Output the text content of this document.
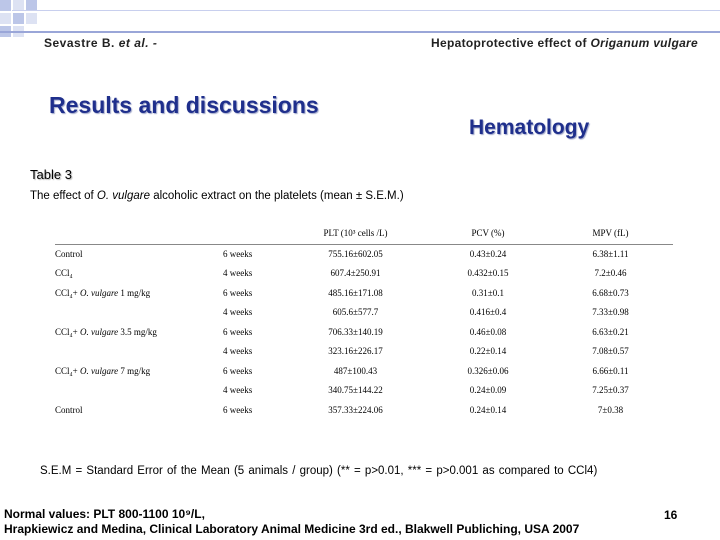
Sevastre B. et al. -	Hepatoprotective effect of Origanum vulgare
Results and discussions
Hematology
Table 3
The effect of O. vulgare alcoholic extract on the platelets (mean ± S.E.M.)
		PLT (10³ cells /L)	PCV (%)	MPV (fL)
Control	6 weeks	755.16±602.05	0.43±0.24	6.38±1.11
CCl₄	4 weeks	607.4±250.91	0.432±0.15	7.2±0.46
CCl₄+ O. vulgare 1 mg/kg	6 weeks	485.16±171.08	0.31±0.1	6.68±0.73
	4 weeks	605.6±577.7	0.416±0.4	7.33±0.98
CCl₄+ O. vulgare 3.5 mg/kg	6 weeks	706.33±140.19	0.46±0.08	6.63±0.21
	4 weeks	323.16±226.17	0.22±0.14	7.08±0.57
CCl₄+ O. vulgare 7 mg/kg	6 weeks	487±100.43	0.326±0.06	6.66±0.11
	4 weeks	340.75±144.22	0.24±0.09	7.25±0.37
Control	6 weeks	357.33±224.06	0.24±0.14	7±0.38
S.E.M = Standard Error of the Mean (5 animals / group) (** = p>0.01, *** = p>0.001 as compared to CCl4)
Normal values: PLT 800-1100 10⁹/L,
Hrapkiewicz and Medina, Clinical Laboratory Animal Medicine 3rd ed., Blakwell Publiching, USA 2007
16
